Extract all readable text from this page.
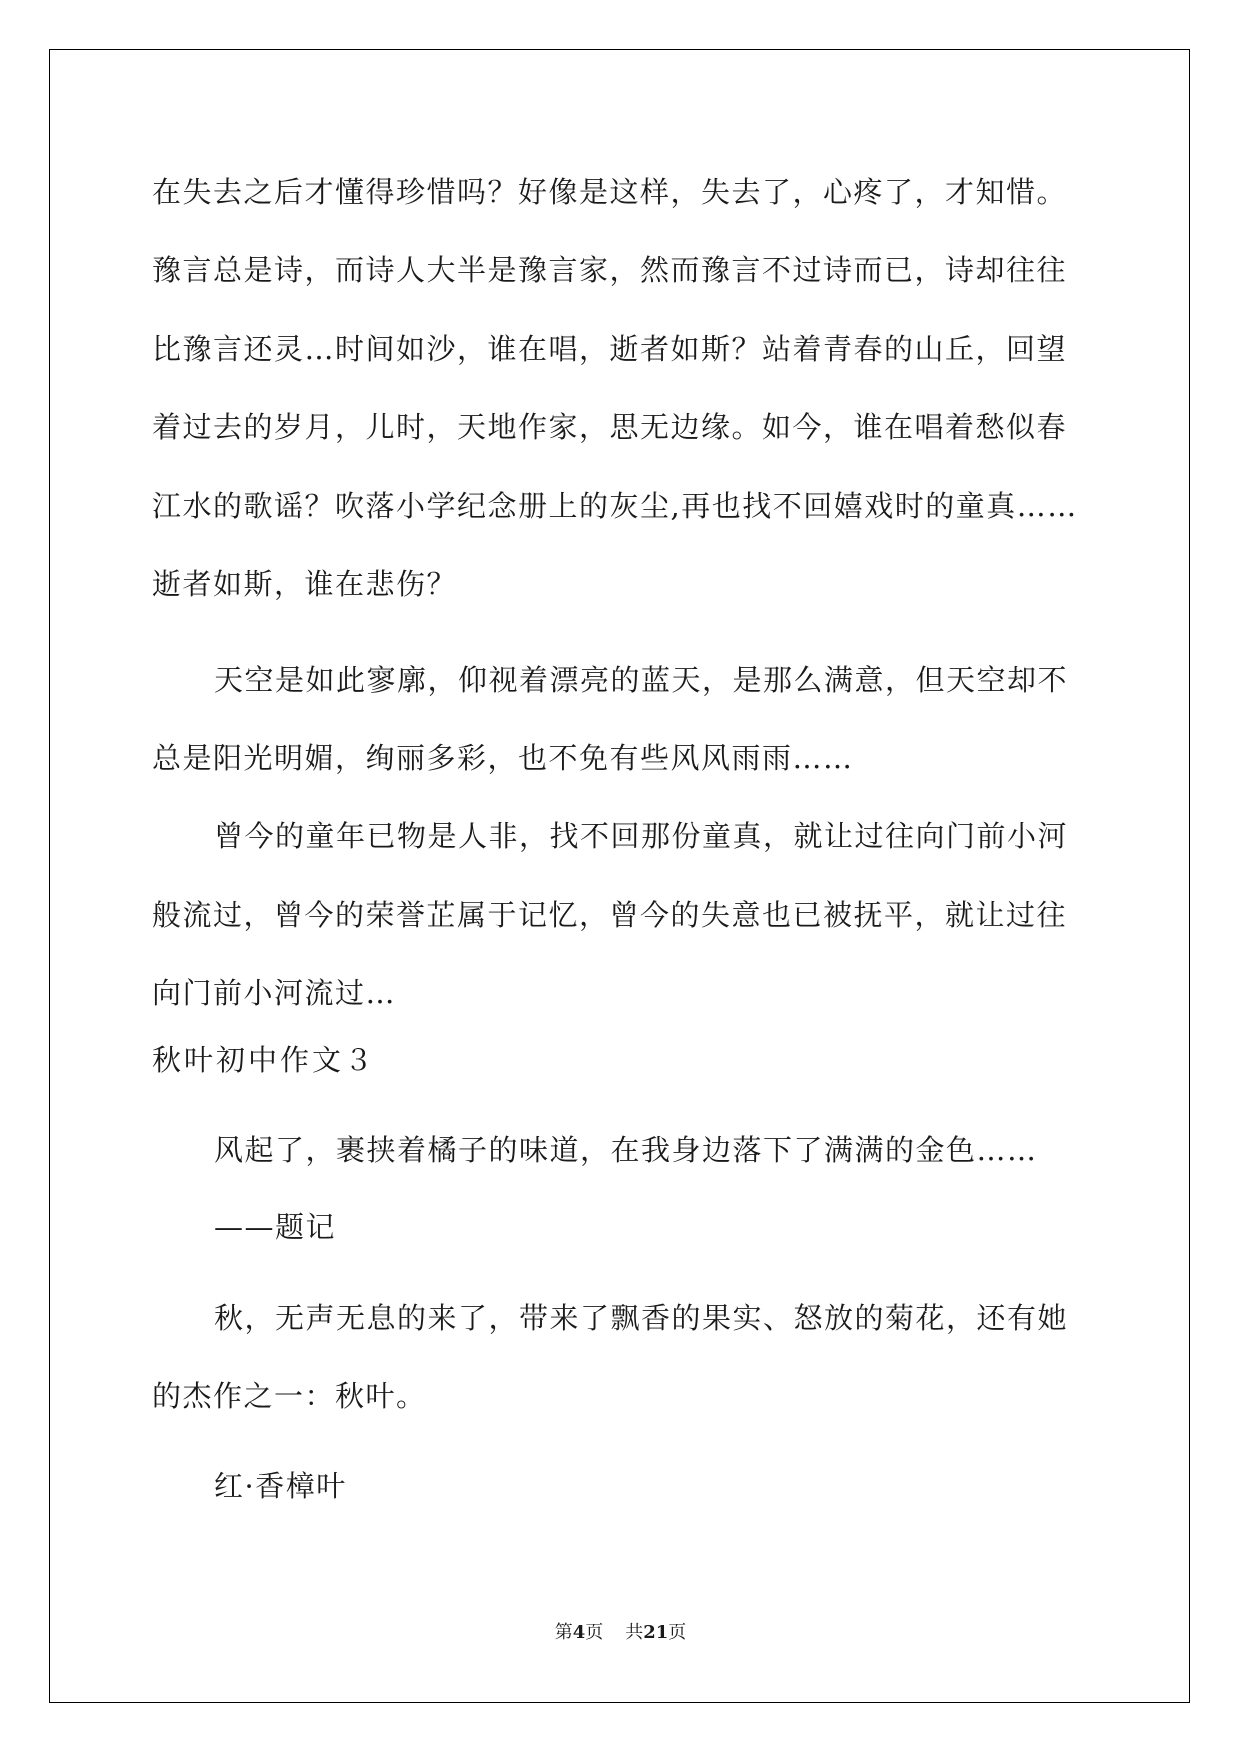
在失去之后才懂得珍惜吗？好像是这样，失去了，心疼了，才知惜。

豫言总是诗，而诗人大半是豫言家，然而豫言不过诗而已，诗却往往

比豫言还灵…时间如沙，谁在唱，逝者如斯？站着青春的山丘，回望

着过去的岁月，儿时，天地作家，思无边缘。如今，谁在唱着愁似春

江水的歌谣？吹落小学纪念册上的灰尘,再也找不回嬉戏时的童真……

逝者如斯，谁在悲伤？

天空是如此寥廓，仰视着漂亮的蓝天，是那么满意，但天空却不

总是阳光明媚，绚丽多彩，也不免有些风风雨雨……

曾今的童年已物是人非，找不回那份童真，就让过往向门前小河

般流过，曾今的荣誉芷属于记忆，曾今的失意也已被抚平，就让过往

向门前小河流过…

秋叶初中作文３

风起了，裹挟着橘子的味道，在我身边落下了满满的金色……

——题记

秋，无声无息的来了，带来了飘香的果实、怒放的菊花，还有她

的杰作之一：秋叶。

红·香樟叶

第4页 共21页
